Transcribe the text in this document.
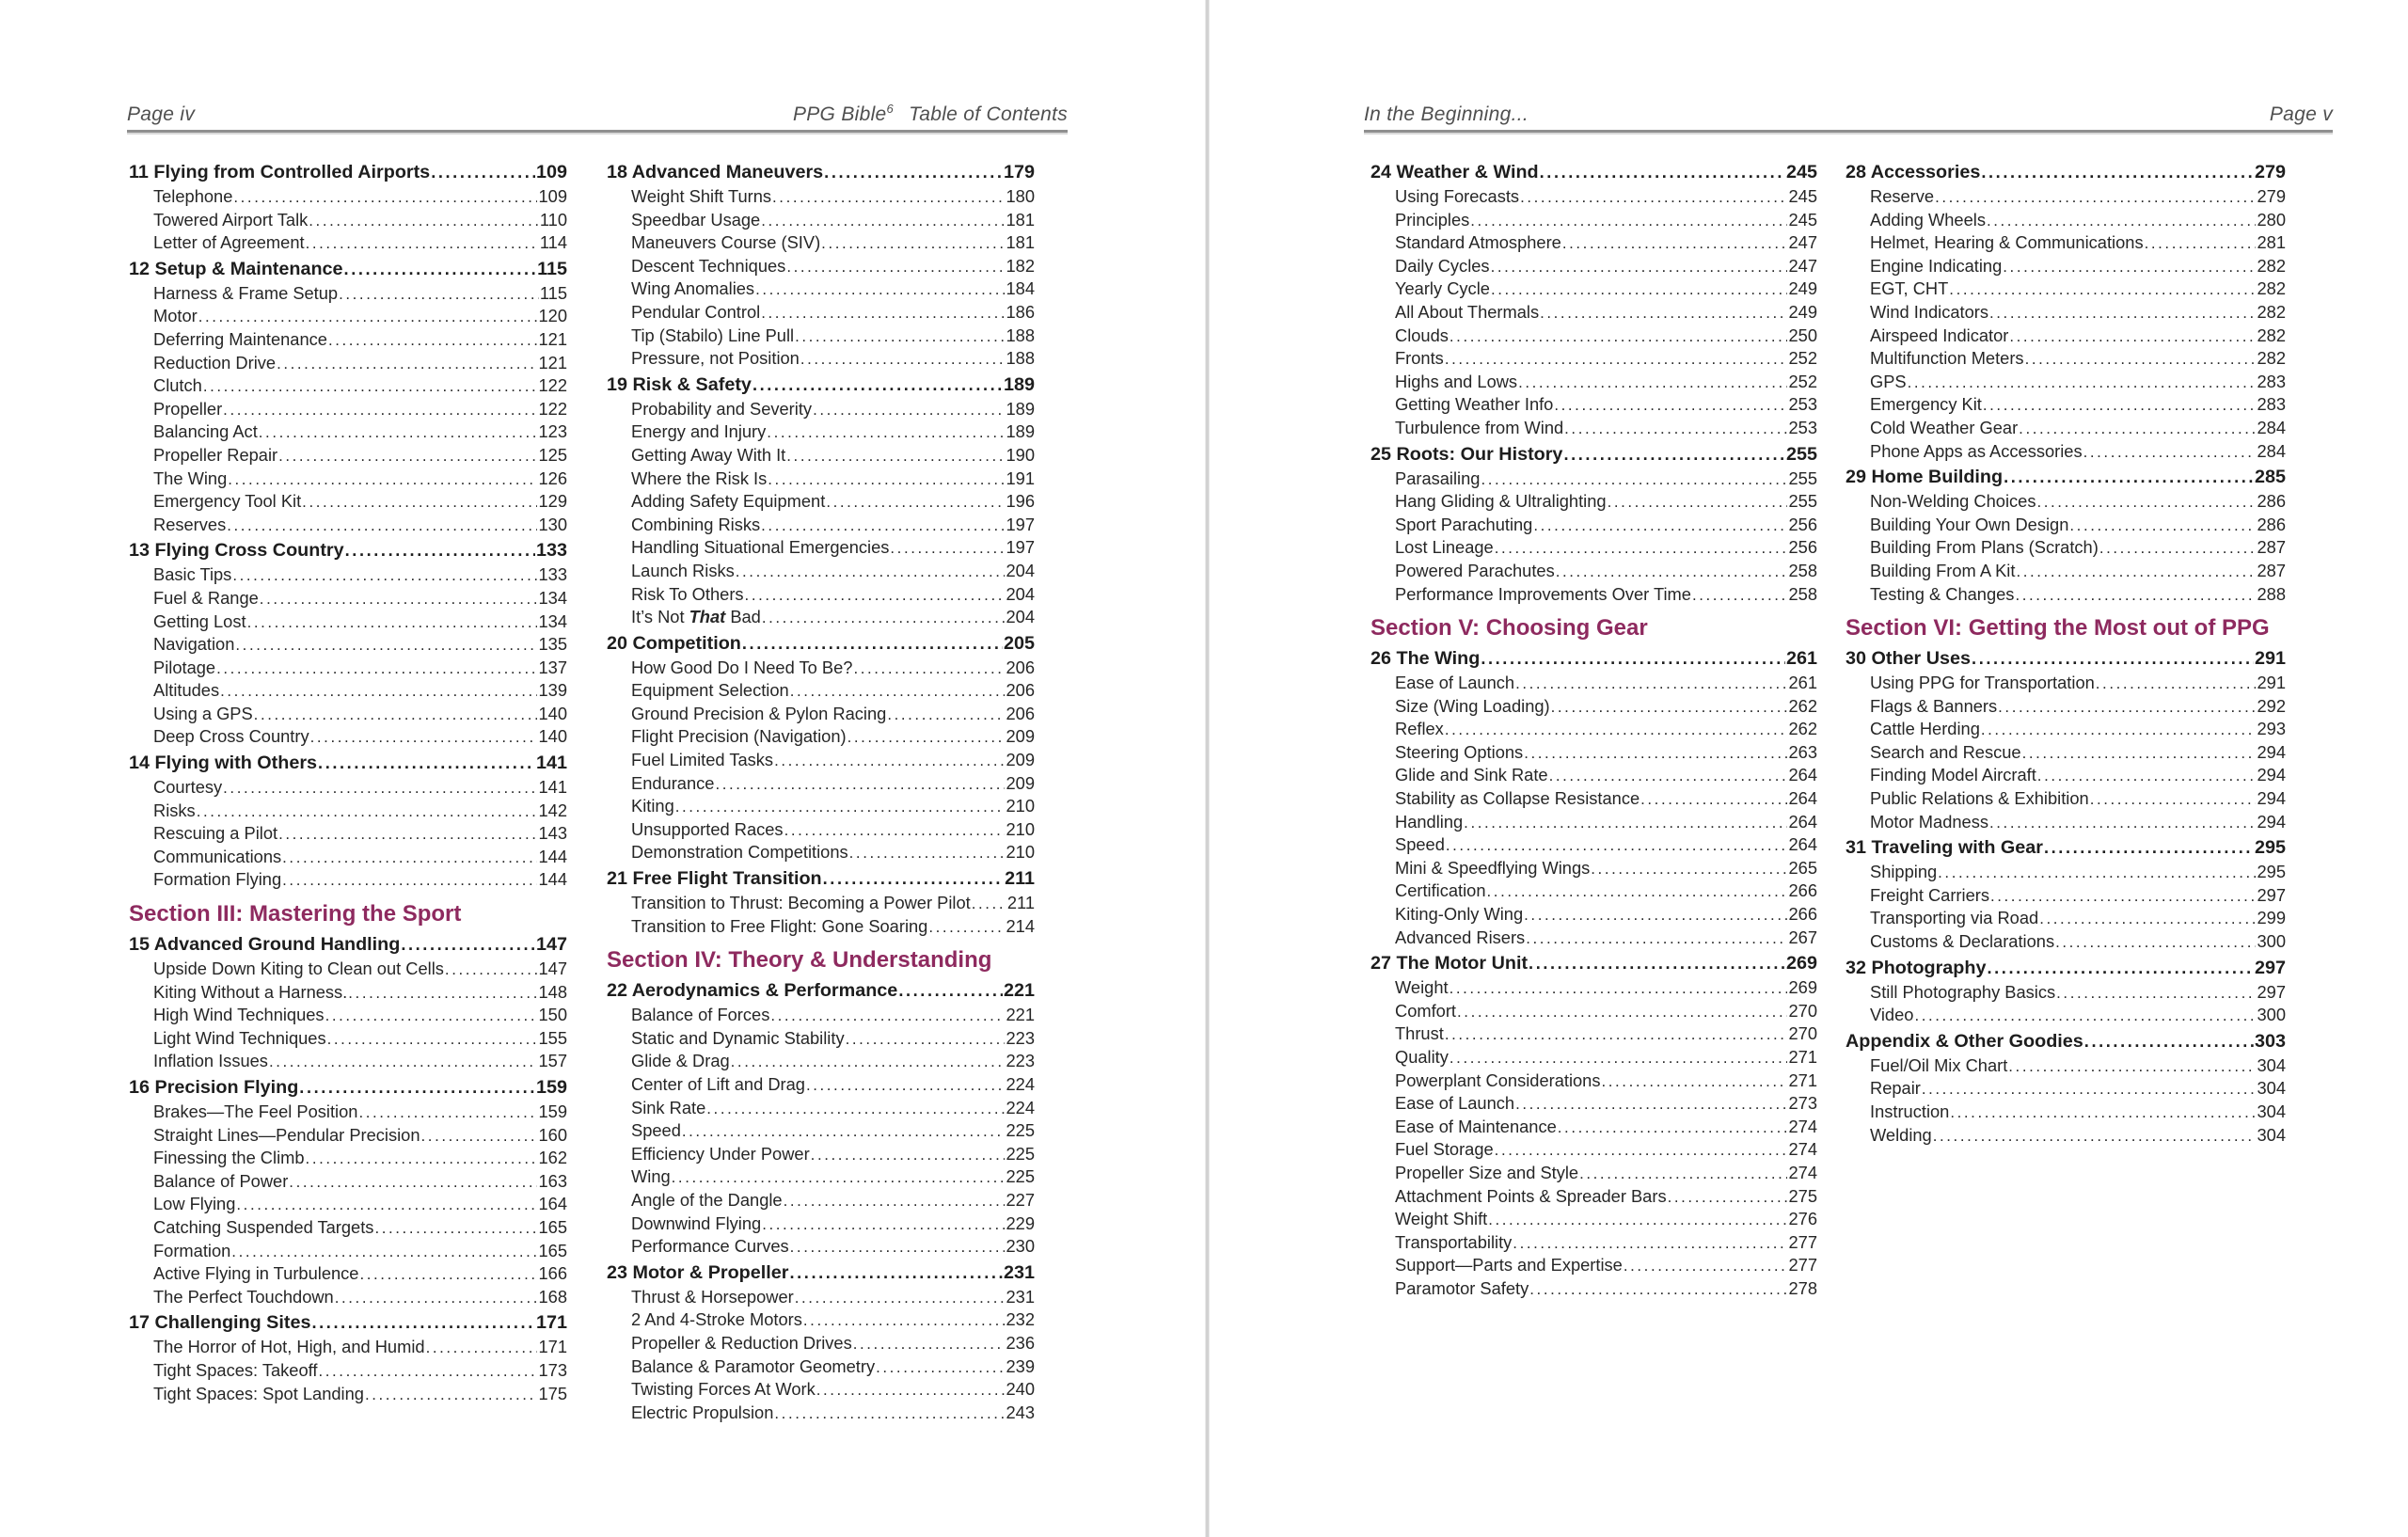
Page iv	PPG Bible$^6$ Table of Contents
11 Flying from Controlled Airports .....	109
Telephone .....	109
Towered Airport Talk .....	110
Letter of Agreement .....	114
12 Setup & Maintenance .....	115
Harness & Frame Setup .....	115
Motor .....	120
Deferring Maintenance .....	121
Reduction Drive .....	121
Clutch .....	122
Propeller .....	122
Balancing Act .....	123
Propeller Repair .....	125
The Wing .....	126
Emergency Tool Kit .....	129
Reserves .....	130
13 Flying Cross Country .....	133
Basic Tips .....	133
Fuel & Range .....	134
Getting Lost .....	134
Navigation .....	135
Pilotage .....	137
Altitudes .....	139
Using a GPS .....	140
Deep Cross Country .....	140
14 Flying with Others .....	141
Courtesy .....	141
Risks .....	142
Rescuing a Pilot .....	143
Communications .....	144
Formation Flying .....	144
Section III: Mastering the Sport
15 Advanced Ground Handling .....	147
Upside Down Kiting to Clean out Cells .....	147
Kiting Without a Harness. .....	148
High Wind Techniques .....	150
Light Wind Techniques .....	155
Inflation Issues .....	157
16 Precision Flying .....	159
Brakes—The Feel Position .....	159
Straight Lines—Pendular Precision .....	160
Finessing the Climb .....	162
Balance of Power .....	163
Low Flying .....	164
Catching Suspended Targets .....	165
Formation .....	165
Active Flying in Turbulence .....	166
The Perfect Touchdown .....	168
17 Challenging Sites .....	171
The Horror of Hot, High, and Humid .....	171
Tight Spaces: Takeoff .....	173
Tight Spaces: Spot Landing .....	175
18 Advanced Maneuvers .....	179
Weight Shift Turns .....	180
Speedbar Usage .....	181
Maneuvers Course (SIV) .....	181
Descent Techniques .....	182
Wing Anomalies .....	184
Pendular Control .....	186
Tip (Stabilo) Line Pull .....	188
Pressure, not Position .....	188
19 Risk & Safety .....	189
Probability and Severity .....	189
Energy and Injury .....	189
Getting Away With It .....	190
Where the Risk Is .....	191
Adding Safety Equipment .....	196
Combining Risks .....	197
Handling Situational Emergencies .....	197
Launch Risks .....	204
Risk To Others .....	204
It’s Not That Bad .....	204
20 Competition .....	205
How Good Do I Need To Be? .....	206
Equipment Selection .....	206
Ground Precision & Pylon Racing .....	206
Flight Precision (Navigation) .....	209
Fuel Limited Tasks .....	209
Endurance .....	209
Kiting .....	210
Unsupported Races .....	210
Demonstration Competitions .....	210
21 Free Flight Transition .....	211
Transition to Thrust: Becoming a Power Pilot ..... 211
Transition to Free Flight: Gone Soaring .....	214
Section IV: Theory & Understanding
22 Aerodynamics & Performance .....	221
Balance of Forces .....	221
Static and Dynamic Stability .....	223
Glide & Drag .....	223
Center of Lift and Drag .....	224
Sink Rate .....	224
Speed .....	225
Efficiency Under Power .....	225
Wing .....	225
Angle of the Dangle .....	227
Downwind Flying .....	229
Performance Curves .....	230
23 Motor & Propeller .....	231
Thrust & Horsepower .....	231
2 And 4-Stroke Motors .....	232
Propeller & Reduction Drives .....	236
Balance & Paramotor Geometry .....	239
Twisting Forces At Work .....	240
Electric Propulsion .....	243
In the Beginning...	Page v
24 Weather & Wind .....	245
Using Forecasts .....	245
Principles .....	245
Standard Atmosphere .....	247
Daily Cycles .....	247
Yearly Cycle .....	249
All About Thermals .....	249
Clouds .....	250
Fronts .....	252
Highs and Lows .....	252
Getting Weather Info .....	253
Turbulence from Wind .....	253
25 Roots: Our History .....	255
Parasailing .....	255
Hang Gliding & Ultralighting .....	255
Sport Parachuting .....	256
Lost Lineage .....	256
Powered Parachutes .....	258
Performance Improvements Over Time .....	258
Section V: Choosing Gear
26 The Wing .....	261
Ease of Launch .....	261
Size (Wing Loading) .....	262
Reflex .....	262
Steering Options .....	263
Glide and Sink Rate .....	264
Stability as Collapse Resistance .....	264
Handling .....	264
Speed .....	264
Mini & Speedflying Wings .....	265
Certification .....	266
Kiting-Only Wing .....	266
Advanced Risers .....	267
27 The Motor Unit .....	269
Weight .....	269
Comfort .....	270
Thrust .....	270
Quality .....	271
Powerplant Considerations .....	271
Ease of Launch .....	273
Ease of Maintenance .....	274
Fuel Storage .....	274
Propeller Size and Style .....	274
Attachment Points & Spreader Bars .....	275
Weight Shift .....	276
Transportability .....	277
Support—Parts and Expertise .....	277
Paramotor Safety .....	278
28 Accessories .....	279
Reserve .....	279
Adding Wheels .....	280
Helmet, Hearing & Communications .....	281
Engine Indicating .....	282
EGT, CHT .....	282
Wind Indicators .....	282
Airspeed Indicator .....	282
Multifunction Meters .....	282
GPS .....	283
Emergency Kit .....	283
Cold Weather Gear .....	284
Phone Apps as Accessories .....	284
29 Home Building .....	285
Non-Welding Choices .....	286
Building Your Own Design .....	286
Building From Plans (Scratch) .....	287
Building From A Kit .....	287
Testing & Changes .....	288
Section VI: Getting the Most out of PPG
30 Other Uses .....	291
Using PPG for Transportation .....	291
Flags & Banners .....	292
Cattle Herding .....	293
Search and Rescue .....	294
Finding Model Aircraft .....	294
Public Relations & Exhibition .....	294
Motor Madness .....	294
31 Traveling with Gear .....	295
Shipping .....	295
Freight Carriers .....	297
Transporting via Road .....	299
Customs & Declarations .....	300
32 Photography .....	297
Still Photography Basics .....	297
Video .....	300
Appendix & Other Goodies .....	303
Fuel/Oil Mix Chart .....	304
Repair .....	304
Instruction .....	304
Welding .....	304
